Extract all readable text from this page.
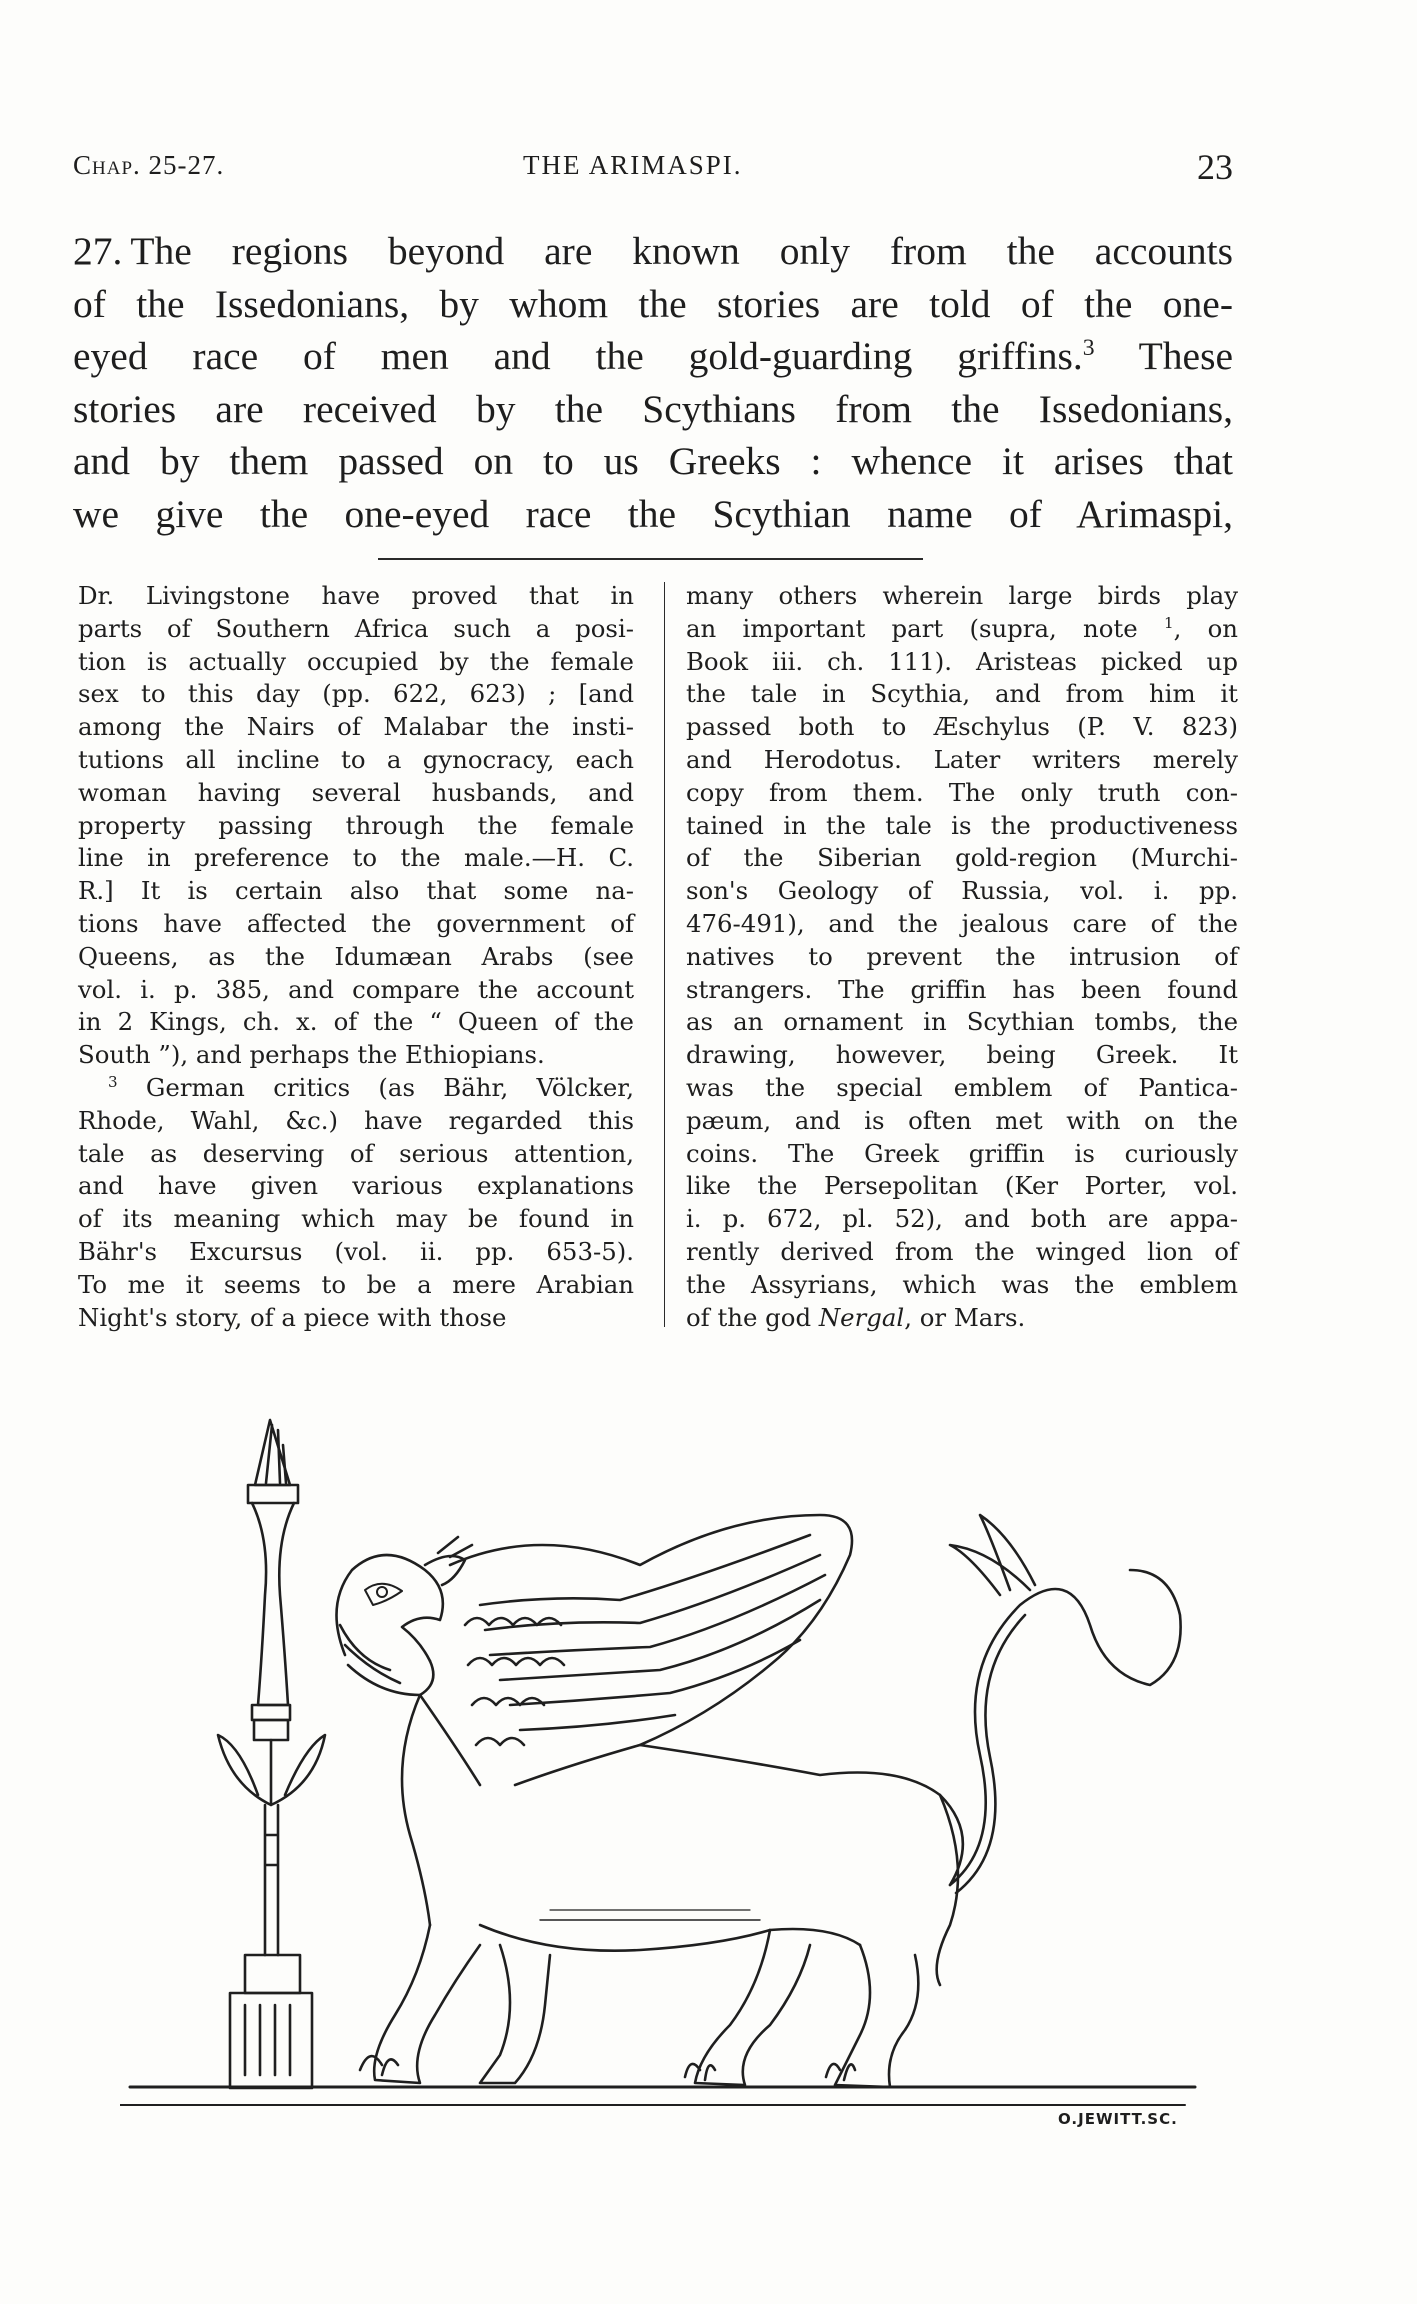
Chap. 25-27.	THE ARIMASPI.	23
27. The regions beyond are known only from the accounts
of the Issedonians, by whom the stories are told of the one-
eyed race of men and the gold-guarding griffins.$^3$ These
stories are received by the Scythians from the Issedonians,
and by them passed on to us Greeks : whence it arises that
we give the one-eyed race the Scythian name of Arimaspi,
Dr. Livingstone have proved that in
parts of Southern Africa such a posi-
tion is actually occupied by the female
sex to this day (pp. 622, 623) ; [and
among the Nairs of Malabar the insti-
tutions all incline to a gynocracy, each
woman having several husbands, and
property passing through the female
line in preference to the male.—H. C.
R.] It is certain also that some na-
tions have affected the government of
Queens, as the Idumæan Arabs (see
vol. i. p. 385, and compare the account
in 2 Kings, ch. x. of the “ Queen of the
South ”), and perhaps the Ethiopians.
$^3$ German critics (as Bähr, Völcker,
Rhode, Wahl, &c.) have regarded this
tale as deserving of serious attention,
and have given various explanations
of its meaning which may be found in
Bähr's Excursus (vol. ii. pp. 653-5).
To me it seems to be a mere Arabian
Night's story, of a piece with those
many others wherein large birds play
an important part (supra, note $^1$, on
Book iii. ch. 111). Aristeas picked up
the tale in Scythia, and from him it
passed both to Æschylus (P. V. 823)
and Herodotus. Later writers merely
copy from them. The only truth con-
tained in the tale is the productiveness
of the Siberian gold-region (Murchi-
son's Geology of Russia, vol. i. pp.
476-491), and the jealous care of the
natives to prevent the intrusion of
strangers. The griffin has been found
as an ornament in Scythian tombs, the
drawing, however, being Greek. It
was the special emblem of Pantica-
pæum, and is often met with on the
coins. The Greek griffin is curiously
like the Persepolitan (Ker Porter, vol.
i. p. 672, pl. 52), and both are appa-
rently derived from the winged lion of
the Assyrians, which was the emblem
of the god Nergal, or Mars.
O.JEWITT.SC.
